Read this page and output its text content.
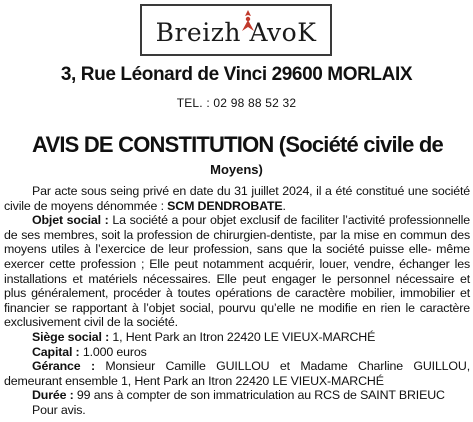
Breizh AvoK
3, Rue Léonard de Vinci 29600 MORLAIX
TEL. : 02 98 88 52 32
AVIS DE CONSTITUTION (Société civile de
Moyens)

Par acte sous seing privé en date du 31 juillet 2024, il a été constitué une société civile de moyens dénommée : SCM DENDROBATE.

Objet social : La société a pour objet exclusif de faciliter l’activité professionnelle de ses membres, soit la profession de chirurgien-dentiste, par la mise en commun des moyens utiles à l’exercice de leur profession, sans que la société puisse elle- même exercer cette profession ; Elle peut notamment acquérir, louer, vendre, échanger les installations et matériels nécessaires. Elle peut engager le personnel nécessaire et plus généralement, procéder à toutes opérations de caractère mobilier, immobilier et financier se rapportant à l’objet social, pourvu qu’elle ne modifie en rien le caractère exclusivement civil de la société.

Siège social : 1, Hent Park an Itron 22420 LE VIEUX-MARCHÉ

Capital : 1.000 euros

Gérance : Monsieur Camille GUILLOU et Madame Charline GUILLOU, demeurant ensemble 1, Hent Park an Itron 22420 LE VIEUX-MARCHÉ

Durée : 99 ans à compter de son immatriculation au RCS de SAINT BRIEUC

Pour avis.
